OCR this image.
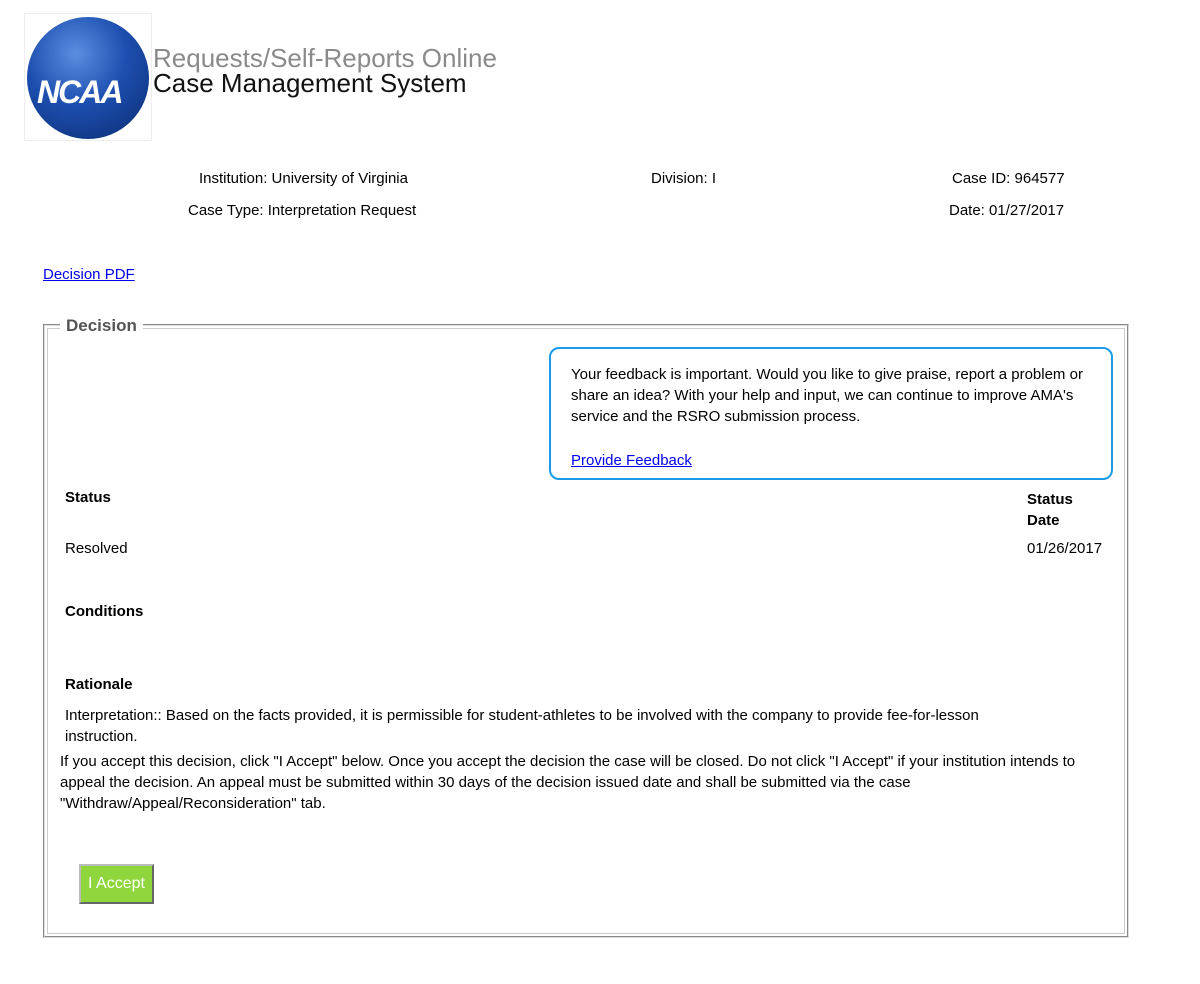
NCAA
Requests/Self-Reports Online
Case Management System
Institution: University of Virginia	Division: I	Case ID: 964577
Case Type: Interpretation Request	Date: 01/27/2017
Decision PDF
Decision
Your feedback is important. Would you like to give praise, report a problem or share an idea? With your help and input, we can continue to improve AMA's service and the RSRO submission process.
Provide Feedback
Status	Status Date
Resolved	01/26/2017
Conditions
Rationale
Interpretation:: Based on the facts provided, it is permissible for student-athletes to be involved with the company to provide fee-for-lesson instruction.
If you accept this decision, click "I Accept" below. Once you accept the decision the case will be closed. Do not click "I Accept" if your institution intends to appeal the decision. An appeal must be submitted within 30 days of the decision issued date and shall be submitted via the case "Withdraw/Appeal/Reconsideration" tab.
I Accept
